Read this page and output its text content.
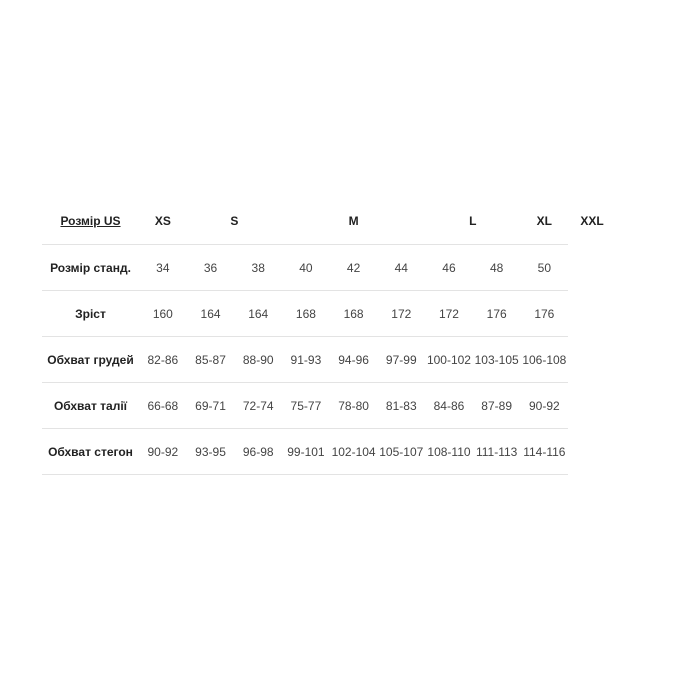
Розмір US	XS	S		M			L		XL	XXL
Розмір станд.	34	36	38	40	42	44	46	48	50	
Зріст	160	164	164	168	168	172	172	176	176	
Обхват грудей	82-86	85-87	88-90	91-93	94-96	97-99	100-102	103-105	106-108	
Обхват талії	66-68	69-71	72-74	75-77	78-80	81-83	84-86	87-89	90-92	
Обхват стегон	90-92	93-95	96-98	99-101	102-104	105-107	108-110	111-113	114-116	
